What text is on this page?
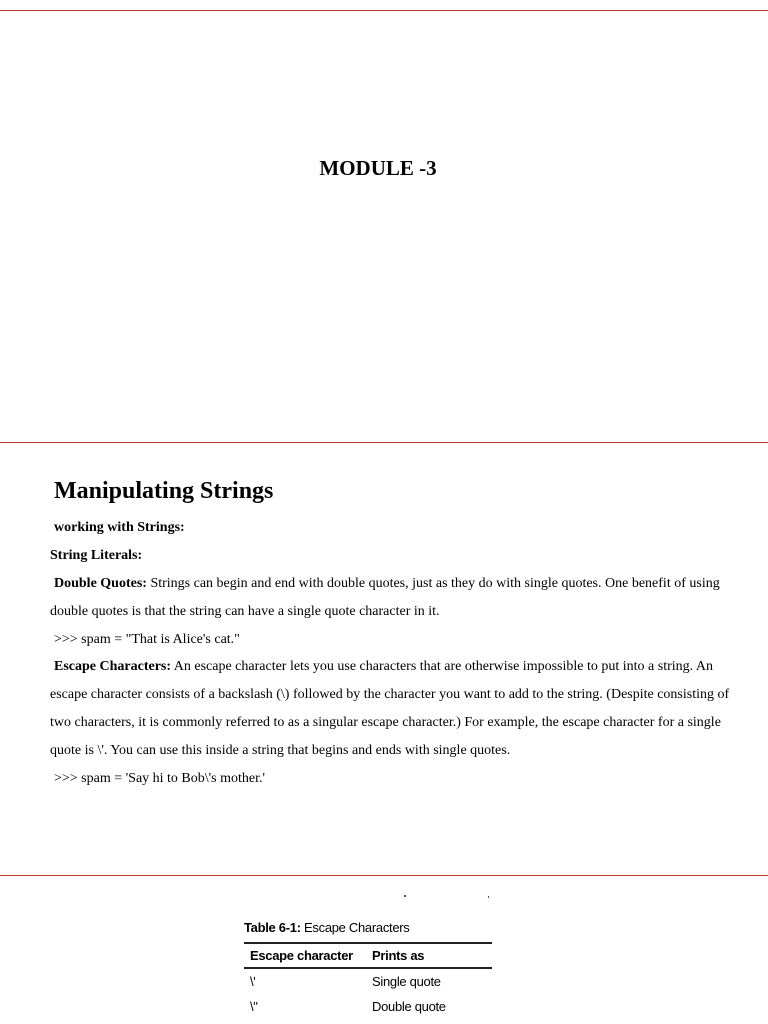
MODULE -3
Manipulating Strings
working with Strings:
String Literals:
Double Quotes: Strings can begin and end with double quotes, just as they do with single quotes. One benefit of using double quotes is that the string can have a single quote character in it.
>>> spam = "That is Alice's cat."
Escape Characters: An escape character lets you use characters that are otherwise impossible to put into a string. An escape character consists of a backslash (\) followed by the character you want to add to the string. (Despite consisting of two characters, it is commonly referred to as a singular escape character.) For example, the escape character for a single quote is \'. You can use this inside a string that begins and ends with single quotes.
>>> spam = 'Say hi to Bob\'s mother.'
Table 6-1: Escape Characters
Escape character	Prints as
\'	Single quote
\"	Double quote
